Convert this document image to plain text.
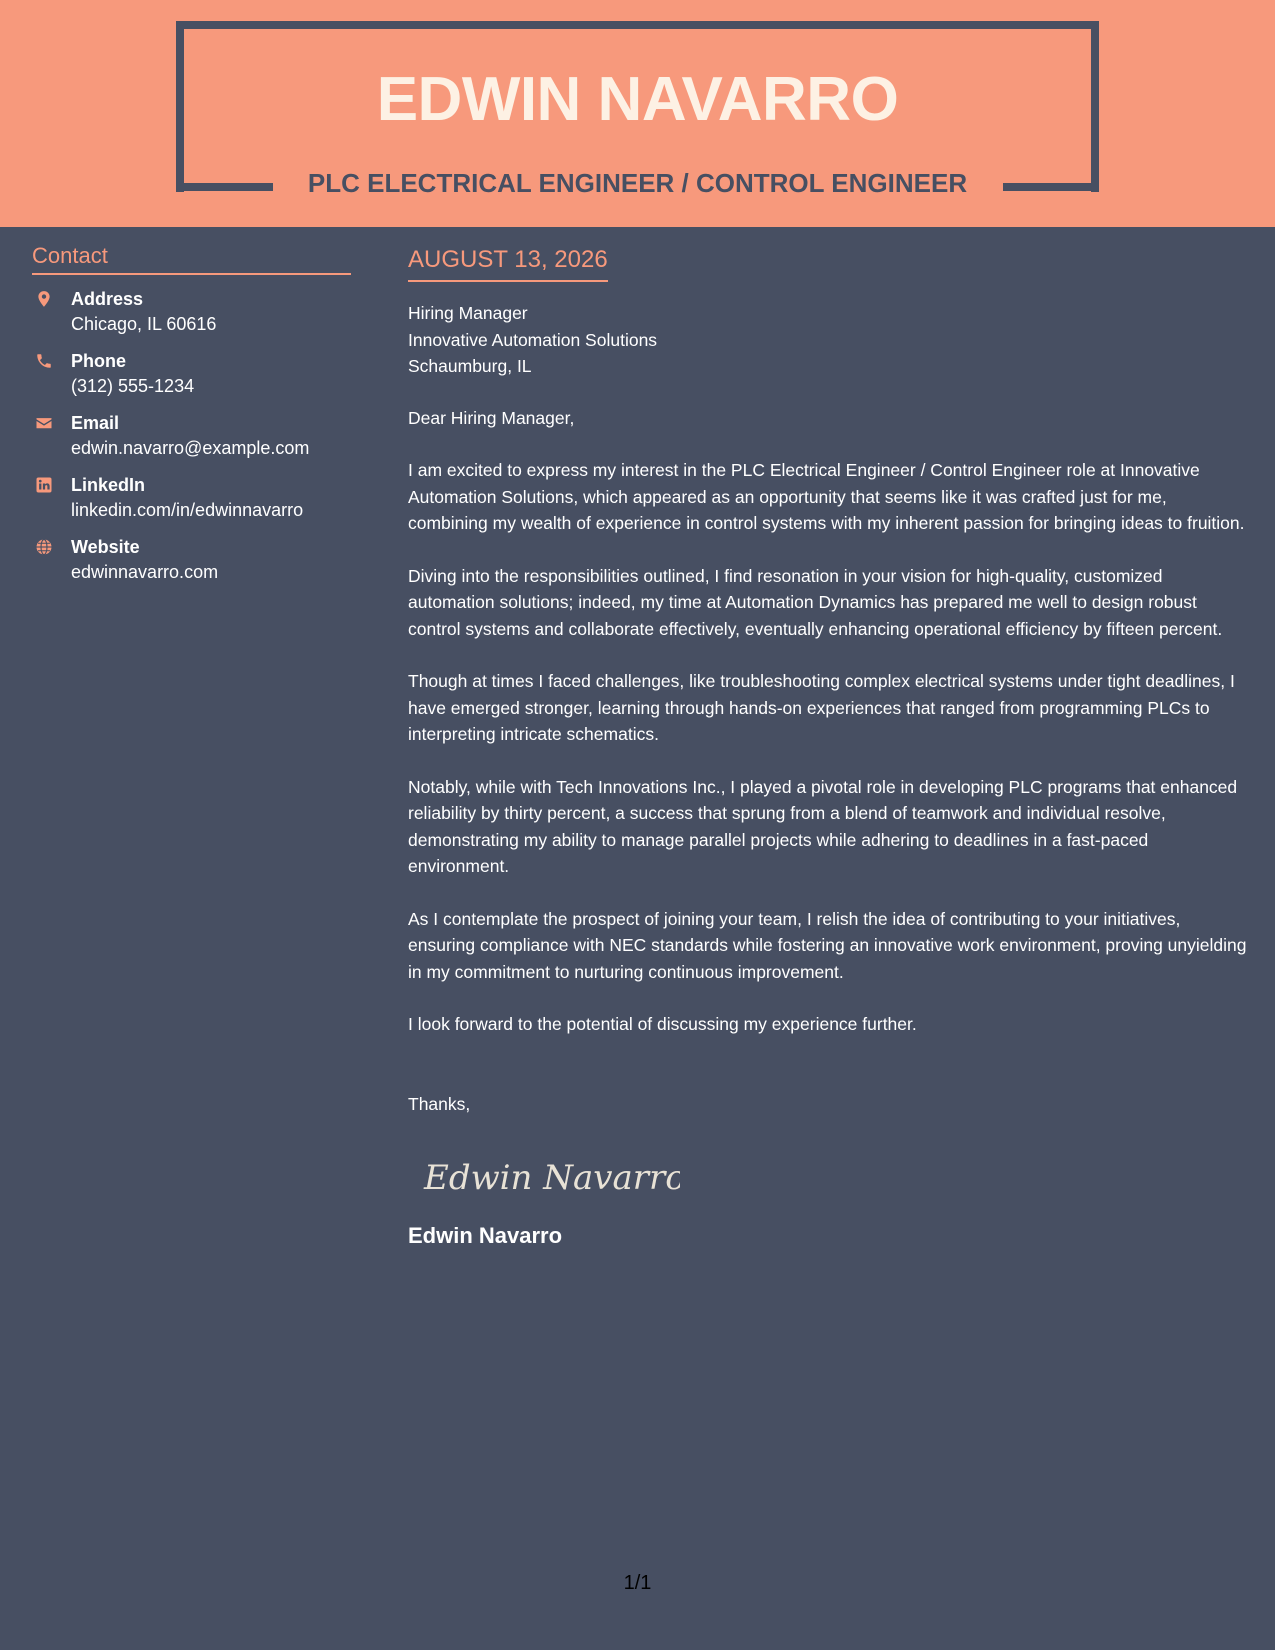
EDWIN NAVARRO
PLC ELECTRICAL ENGINEER / CONTROL ENGINEER
Contact
Address
Chicago, IL 60616
Phone
(312) 555-1234
Email
edwin.navarro@example.com
LinkedIn
linkedin.com/in/edwinnavarro
Website
edwinnavarro.com
AUGUST 13, 2026

Hiring Manager

Innovative Automation Solutions

Schaumburg, IL

Dear Hiring Manager,

I am excited to express my interest in the PLC Electrical Engineer / Control Engineer role at Innovative Automation Solutions, which appeared as an opportunity that seems like it was crafted just for me, combining my wealth of experience in control systems with my inherent passion for bringing ideas to fruition.

Diving into the responsibilities outlined, I find resonation in your vision for high-quality, customized automation solutions; indeed, my time at Automation Dynamics has prepared me well to design robust control systems and collaborate effectively, eventually enhancing operational efficiency by fifteen percent.

Though at times I faced challenges, like troubleshooting complex electrical systems under tight deadlines, I have emerged stronger, learning through hands-on experiences that ranged from programming PLCs to interpreting intricate schematics.

Notably, while with Tech Innovations Inc., I played a pivotal role in developing PLC programs that enhanced reliability by thirty percent, a success that sprung from a blend of teamwork and individual resolve, demonstrating my ability to manage parallel projects while adhering to deadlines in a fast-paced environment.

As I contemplate the prospect of joining your team, I relish the idea of contributing to your initiatives, ensuring compliance with NEC standards while fostering an innovative work environment, proving unyielding in my commitment to nurturing continuous improvement.

I look forward to the potential of discussing my experience further.

Thanks,

Edwin Navarro
Edwin Navarro
1/1
